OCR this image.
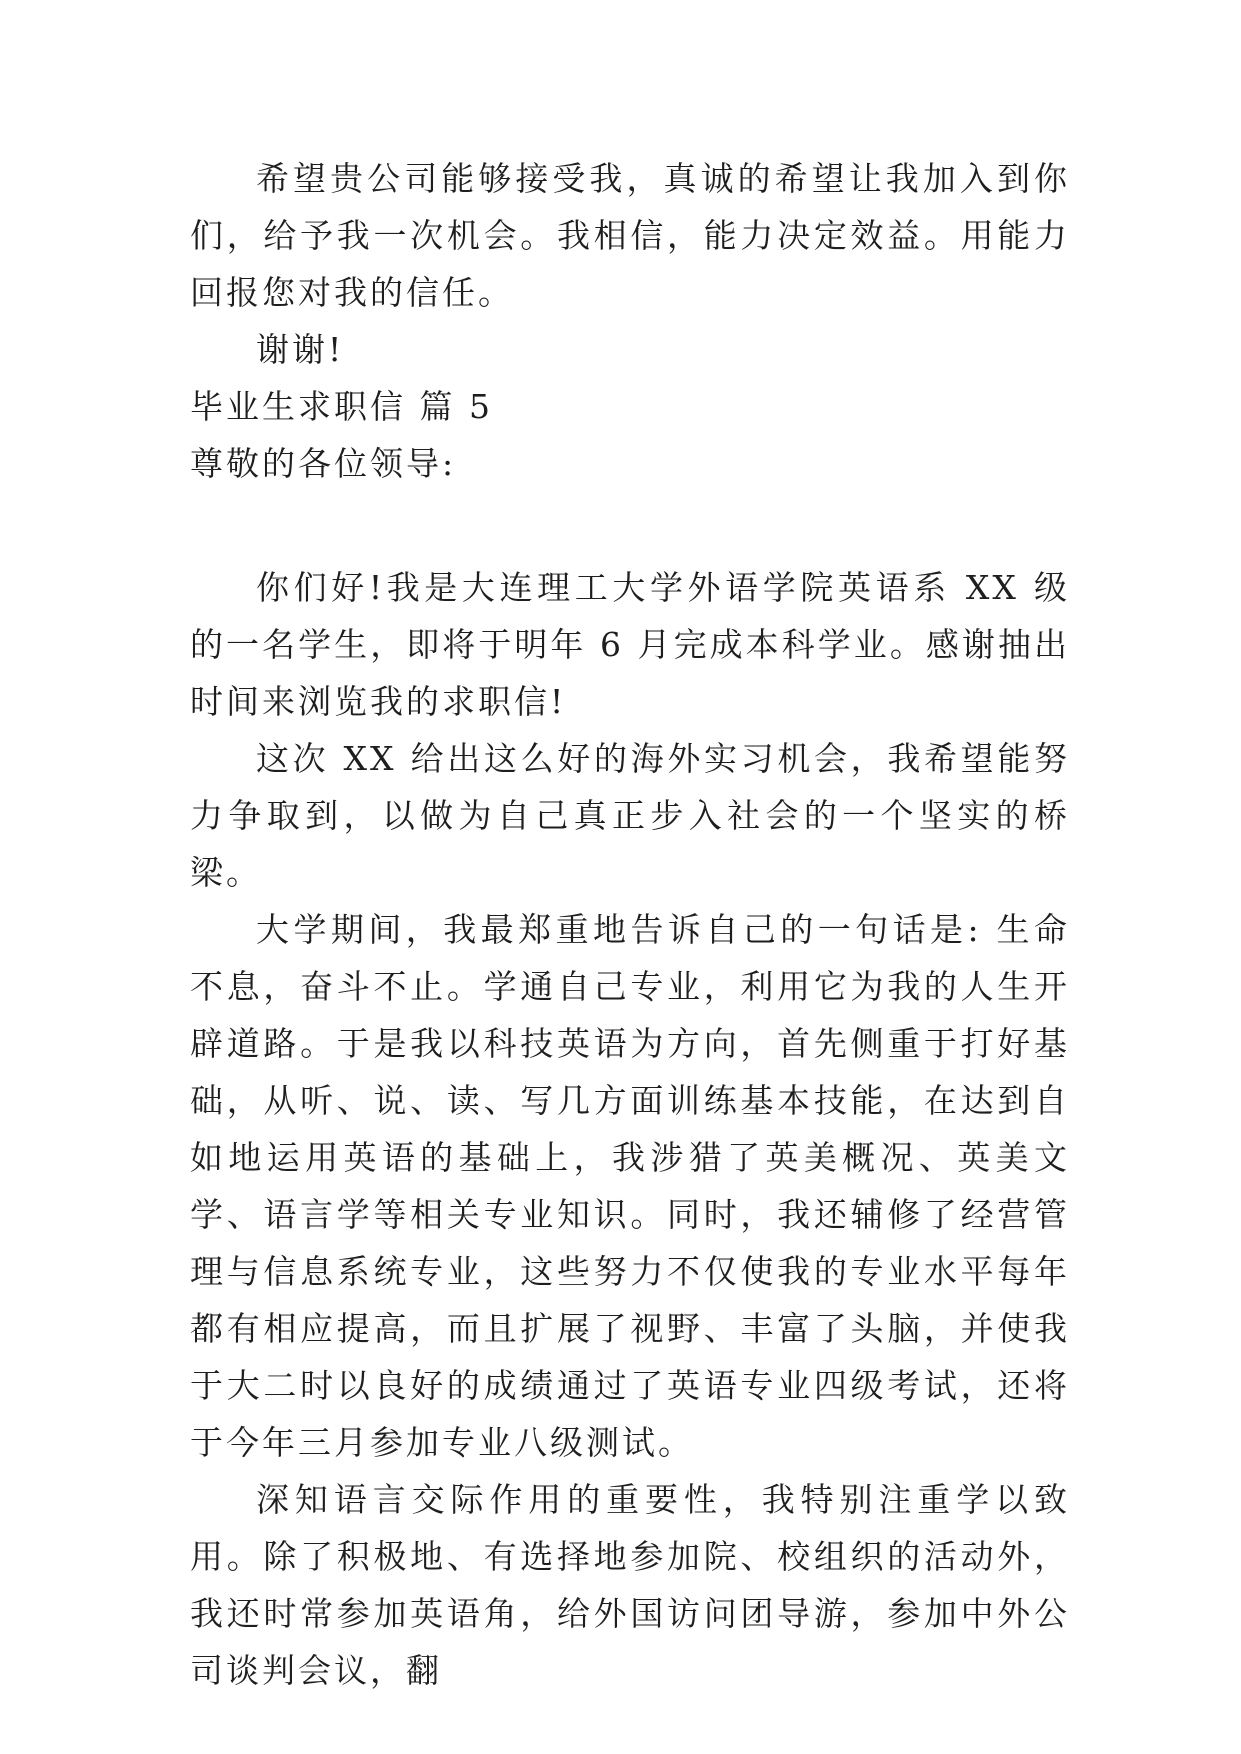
希望贵公司能够接受我，真诚的希望让我加入到你们，给予我一次机会。我相信，能力决定效益。用能力回报您对我的信任。

谢谢!

毕业生求职信 篇 5

尊敬的各位领导:

你们好!我是大连理工大学外语学院英语系 XX 级的一名学生，即将于明年 6 月完成本科学业。感谢抽出时间来浏览我的求职信!

这次 XX 给出这么好的海外实习机会，我希望能努力争取到，以做为自己真正步入社会的一个坚实的桥梁。

大学期间，我最郑重地告诉自己的一句话是: 生命不息，奋斗不止。学通自己专业，利用它为我的人生开辟道路。于是我以科技英语为方向，首先侧重于打好基础，从听、说、读、写几方面训练基本技能，在达到自如地运用英语的基础上，我涉猎了英美概况、英美文学、语言学等相关专业知识。同时，我还辅修了经营管理与信息系统专业，这些努力不仅使我的专业水平每年都有相应提高，而且扩展了视野、丰富了头脑，并使我于大二时以良好的成绩通过了英语专业四级考试，还将于今年三月参加专业八级测试。

深知语言交际作用的重要性，我特别注重学以致用。除了积极地、有选择地参加院、校组织的活动外，我还时常参加英语角，给外国访问团导游，参加中外公司谈判会议，翻
